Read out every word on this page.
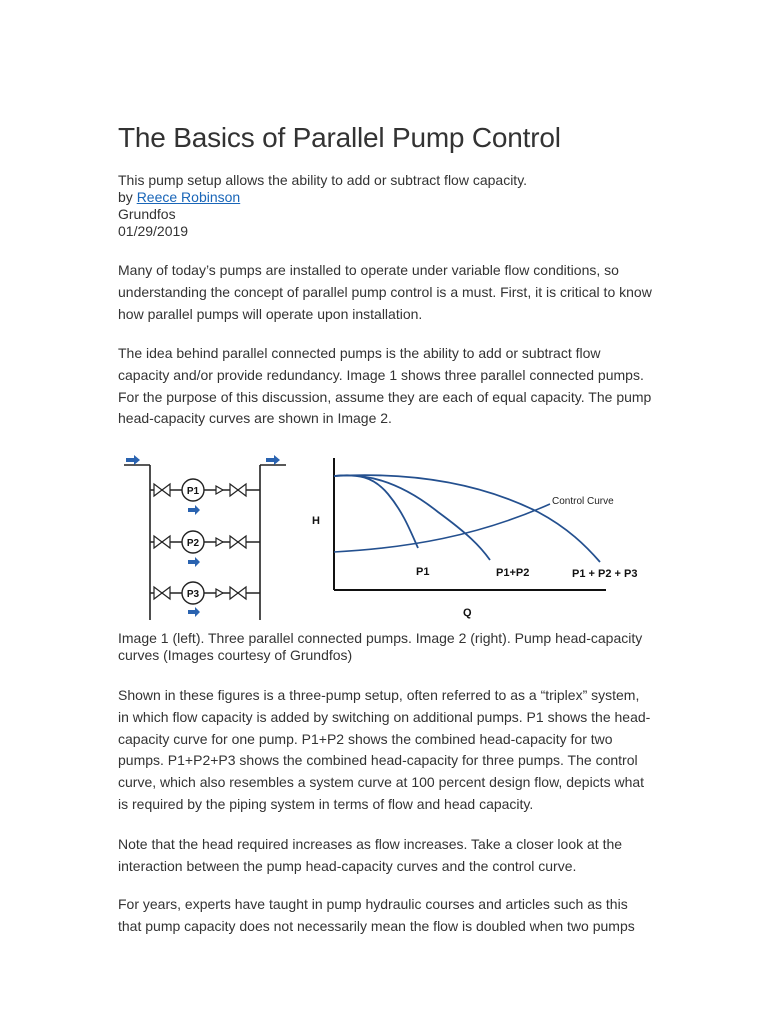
The Basics of Parallel Pump Control
This pump setup allows the ability to add or subtract flow capacity.
by Reece Robinson
Grundfos
01/29/2019

Many of today’s pumps are installed to operate under variable flow conditions, so understanding the concept of parallel pump control is a must. First, it is critical to know how parallel pumps will operate upon installation.

The idea behind parallel connected pumps is the ability to add or subtract flow capacity and/or provide redundancy. Image 1 shows three parallel connected pumps. For the purpose of this discussion, assume they are each of equal capacity. The pump head-capacity curves are shown in Image 2.

Image 1 (left). Three parallel connected pumps. Image 2 (right). Pump head-capacity curves (Images courtesy of Grundfos)

Shown in these figures is a three-pump setup, often referred to as a “triplex” system, in which flow capacity is added by switching on additional pumps. P1 shows the head-capacity curve for one pump. P1+P2 shows the combined head-capacity for two pumps. P1+P2+P3 shows the combined head-capacity for three pumps. The control curve, which also resembles a system curve at 100 percent design flow, depicts what is required by the piping system in terms of flow and head capacity.

Note that the head required increases as flow increases. Take a closer look at the interaction between the pump head-capacity curves and the control curve.

For years, experts have taught in pump hydraulic courses and articles such as this that pump capacity does not necessarily mean the flow is doubled when two pumps

P1
P2
P3
H
Q
Control Curve
P1	P1+P2	P1 + P2 + P3
